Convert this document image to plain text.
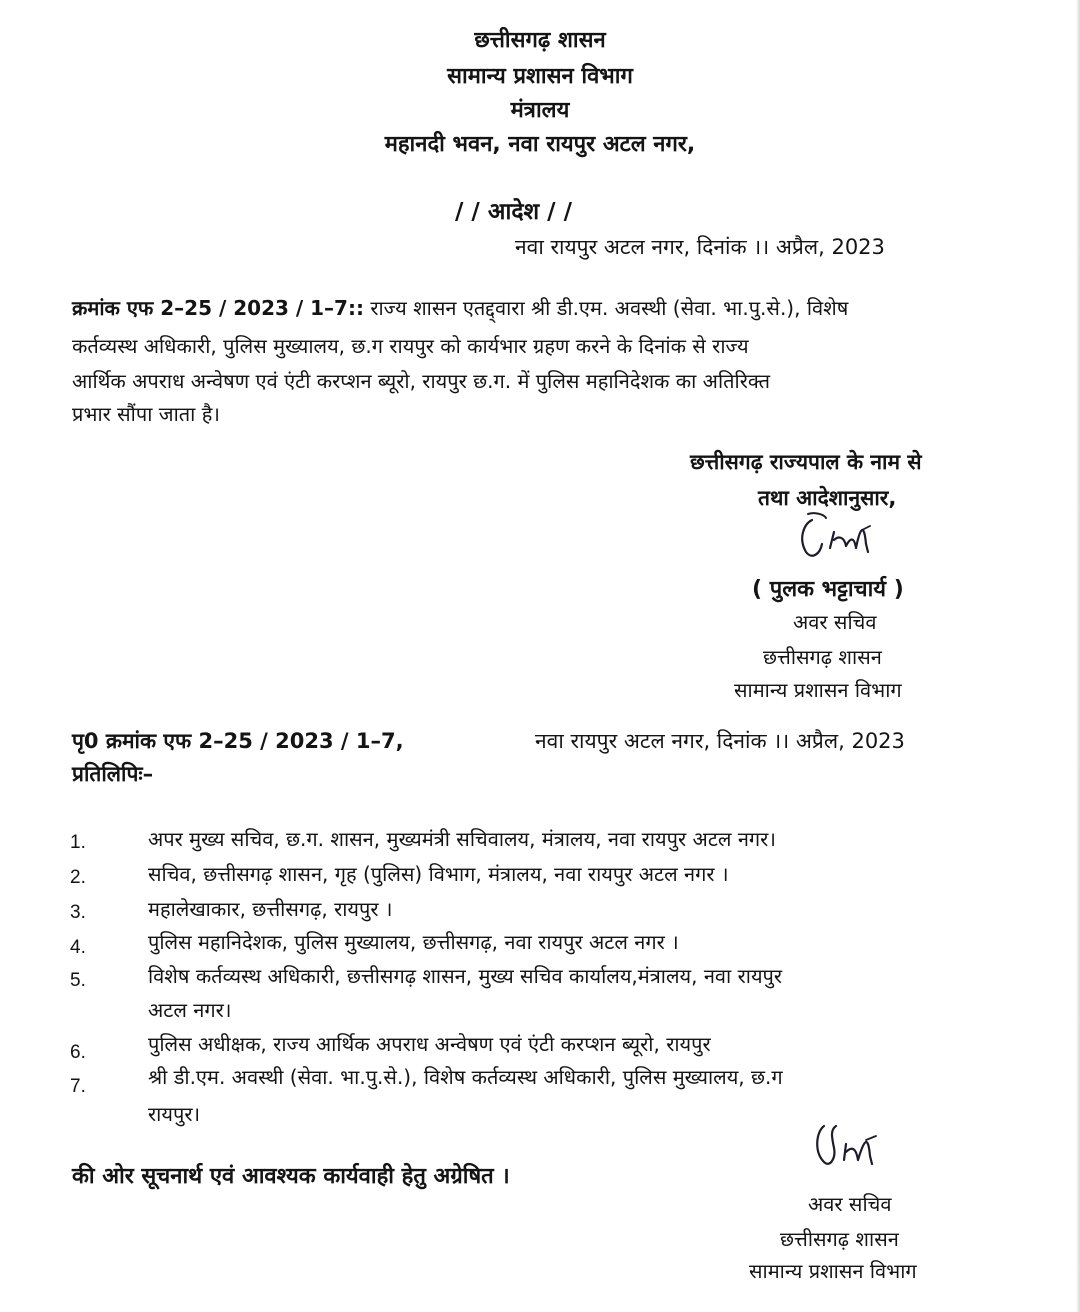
छत्तीसगढ़ शासन
सामान्य प्रशासन विभाग
मंत्रालय
महानदी भवन, नवा रायपुर अटल नगर,
/ / आदेश / /
नवा रायपुर अटल नगर, दिनांक ।। अप्रैल, 2023
क्रमांक एफ 2–25 / 2023 / 1–7:: राज्य शासन एतद्द्वारा श्री डी.एम. अवस्थी (सेवा. भा.पु.से.), विशेष
कर्तव्यस्थ अधिकारी, पुलिस मुख्यालय, छ.ग रायपुर को कार्यभार ग्रहण करने के दिनांक से राज्य
आर्थिक अपराध अन्वेषण एवं एंटी करप्शन ब्यूरो, रायपुर छ.ग. में पुलिस महानिदेशक का अतिरिक्त
प्रभार सौंपा जाता है।
छत्तीसगढ़ राज्यपाल के नाम से
तथा आदेशानुसार,
( पुलक भट्टाचार्य )
अवर सचिव
छत्तीसगढ़ शासन
सामान्य प्रशासन विभाग
पृ0 क्रमांक एफ 2–25 / 2023 / 1–7,	नवा रायपुर अटल नगर, दिनांक ।। अप्रैल, 2023
प्रतिलिपिः–
1.	अपर मुख्य सचिव, छ.ग. शासन, मुख्यमंत्री सचिवालय, मंत्रालय, नवा रायपुर अटल नगर।
2.	सचिव, छत्तीसगढ़ शासन, गृह (पुलिस) विभाग, मंत्रालय, नवा रायपुर अटल नगर ।
3.	महालेखाकार, छत्तीसगढ़, रायपुर ।
4.	पुलिस महानिदेशक, पुलिस मुख्यालय, छत्तीसगढ़, नवा रायपुर अटल नगर ।
5.	विशेष कर्तव्यस्थ अधिकारी, छत्तीसगढ़ शासन, मुख्य सचिव कार्यालय,मंत्रालय, नवा रायपुर
अटल नगर।
6.	पुलिस अधीक्षक, राज्य आर्थिक अपराध अन्वेषण एवं एंटी करप्शन ब्यूरो, रायपुर
7.	श्री डी.एम. अवस्थी (सेवा. भा.पु.से.), विशेष कर्तव्यस्थ अधिकारी, पुलिस मुख्यालय, छ.ग
रायपुर।
की ओर सूचनार्थ एवं आवश्यक कार्यवाही हेतु अग्रेषित ।
अवर सचिव
छत्तीसगढ़ शासन
सामान्य प्रशासन विभाग
